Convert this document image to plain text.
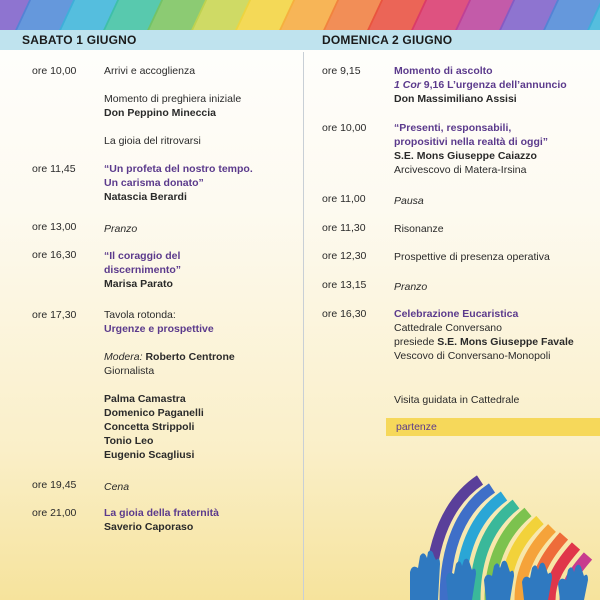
SABATO 1 GIUGNO	DOMENICA 2 GIUGNO
ore 10,00	Arrivi e accoglienza
Momento di preghiera iniziale
Don Peppino Mineccia
La gioia del ritrovarsi
ore 11,45	“Un profeta del nostro tempo.
Un carisma donato”
Natascia Berardi
ore 13,00	Pranzo
ore 16,30	“Il coraggio del
discernimento”
Marisa Parato
ore 17,30	Tavola rotonda:
Urgenze e prospettive
Modera: Roberto Centrone
Giornalista
Palma Camastra
Domenico Paganelli
Concetta Strippoli
Tonio Leo
Eugenio Scagliusi
ore 19,45	Cena
ore 21,00	La gioia della fraternità
Saverio Caporaso
ore 9,15	Momento di ascolto
1 Cor 9,16 L’urgenza dell’annuncio
Don Massimiliano Assisi
ore 10,00	“Presenti, responsabili,
propositivi nella realtà di oggi”
S.E. Mons Giuseppe Caiazzo
Arcivescovo di Matera-Irsina
ore 11,00	Pausa
ore 11,30	Risonanze
ore 12,30	Prospettive di presenza operativa
ore 13,15	Pranzo
ore 16,30	Celebrazione Eucaristica
Cattedrale Conversano
presiede S.E. Mons Giuseppe Favale
Vescovo di Conversano-Monopoli
Visita guidata in Cattedrale
partenze
